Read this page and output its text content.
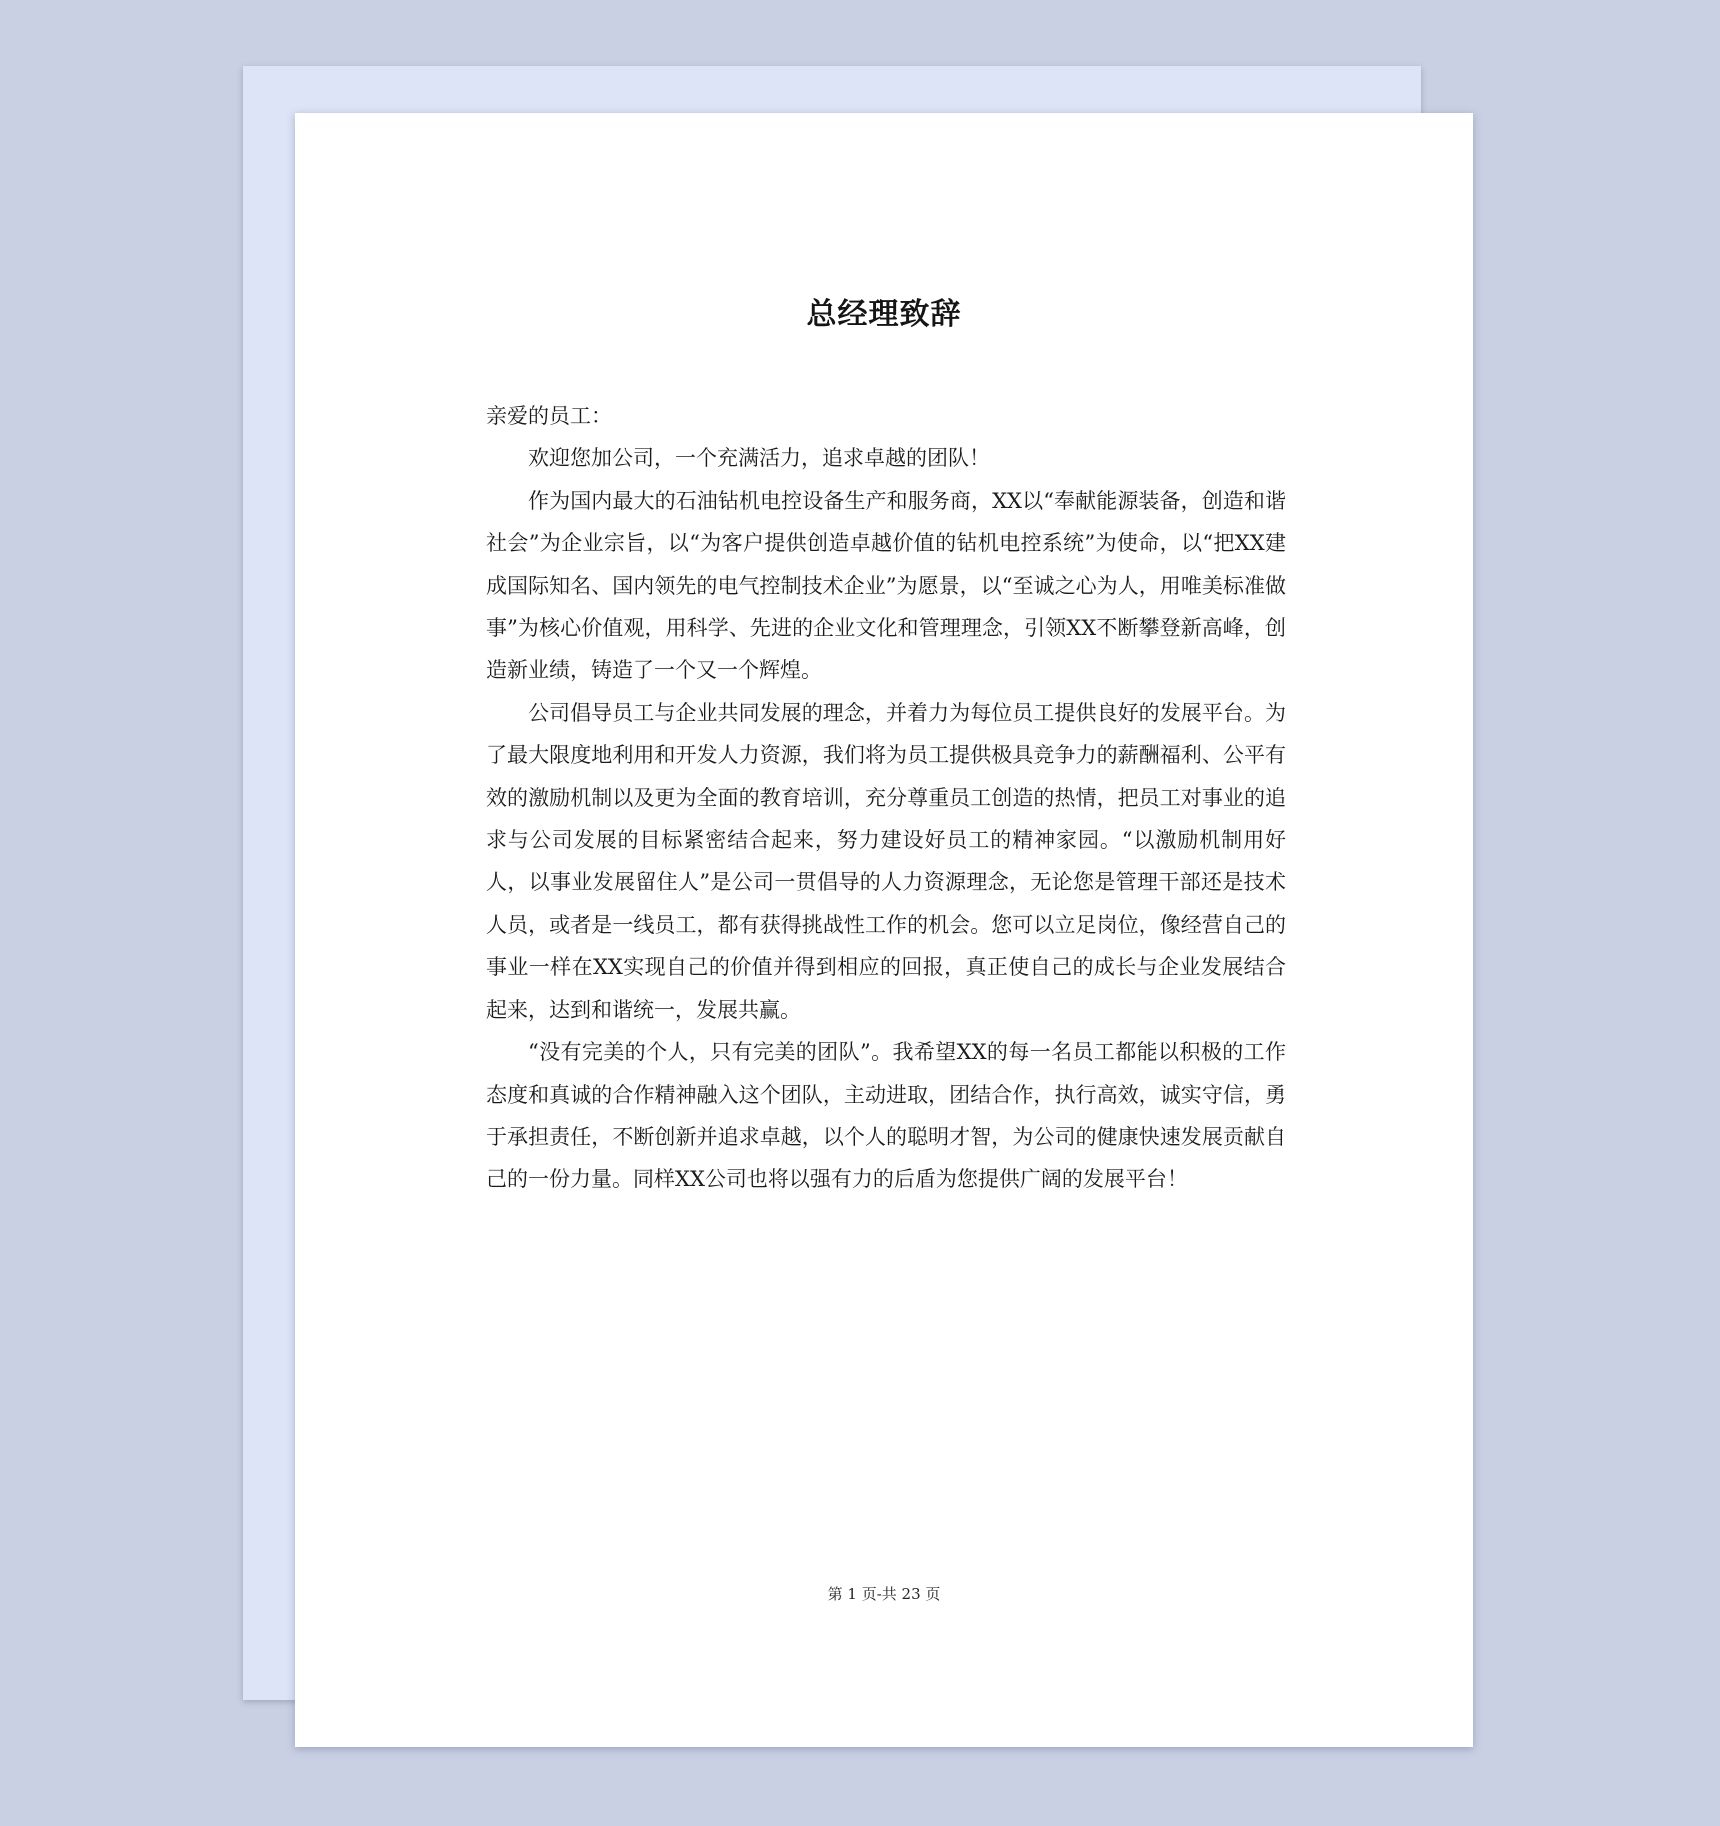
总经理致辞

亲爱的员工：

欢迎您加公司，一个充满活力，追求卓越的团队！

作为国内最大的石油钻机电控设备生产和服务商，XX以“奉献能源装备，创造和谐社会”为企业宗旨，以“为客户提供创造卓越价值的钻机电控系统”为使命，以“把XX建成国际知名、国内领先的电气控制技术企业”为愿景，以“至诚之心为人，用唯美标准做事”为核心价值观，用科学、先进的企业文化和管理理念，引领XX不断攀登新高峰，创造新业绩，铸造了一个又一个辉煌。

公司倡导员工与企业共同发展的理念，并着力为每位员工提供良好的发展平台。为了最大限度地利用和开发人力资源，我们将为员工提供极具竞争力的薪酬福利、公平有效的激励机制以及更为全面的教育培训，充分尊重员工创造的热情，把员工对事业的追求与公司发展的目标紧密结合起来，努力建设好员工的精神家园。“以激励机制用好人，以事业发展留住人”是公司一贯倡导的人力资源理念，无论您是管理干部还是技术人员，或者是一线员工，都有获得挑战性工作的机会。您可以立足岗位，像经营自己的事业一样在XX实现自己的价值并得到相应的回报，真正使自己的成长与企业发展结合起来，达到和谐统一，发展共赢。

“没有完美的个人，只有完美的团队”。我希望XX的每一名员工都能以积极的工作态度和真诚的合作精神融入这个团队，主动进取，团结合作，执行高效，诚实守信，勇于承担责任，不断创新并追求卓越，以个人的聪明才智，为公司的健康快速发展贡献自己的一份力量。同样XX公司也将以强有力的后盾为您提供广阔的发展平台！

第 1 页-共 23 页
